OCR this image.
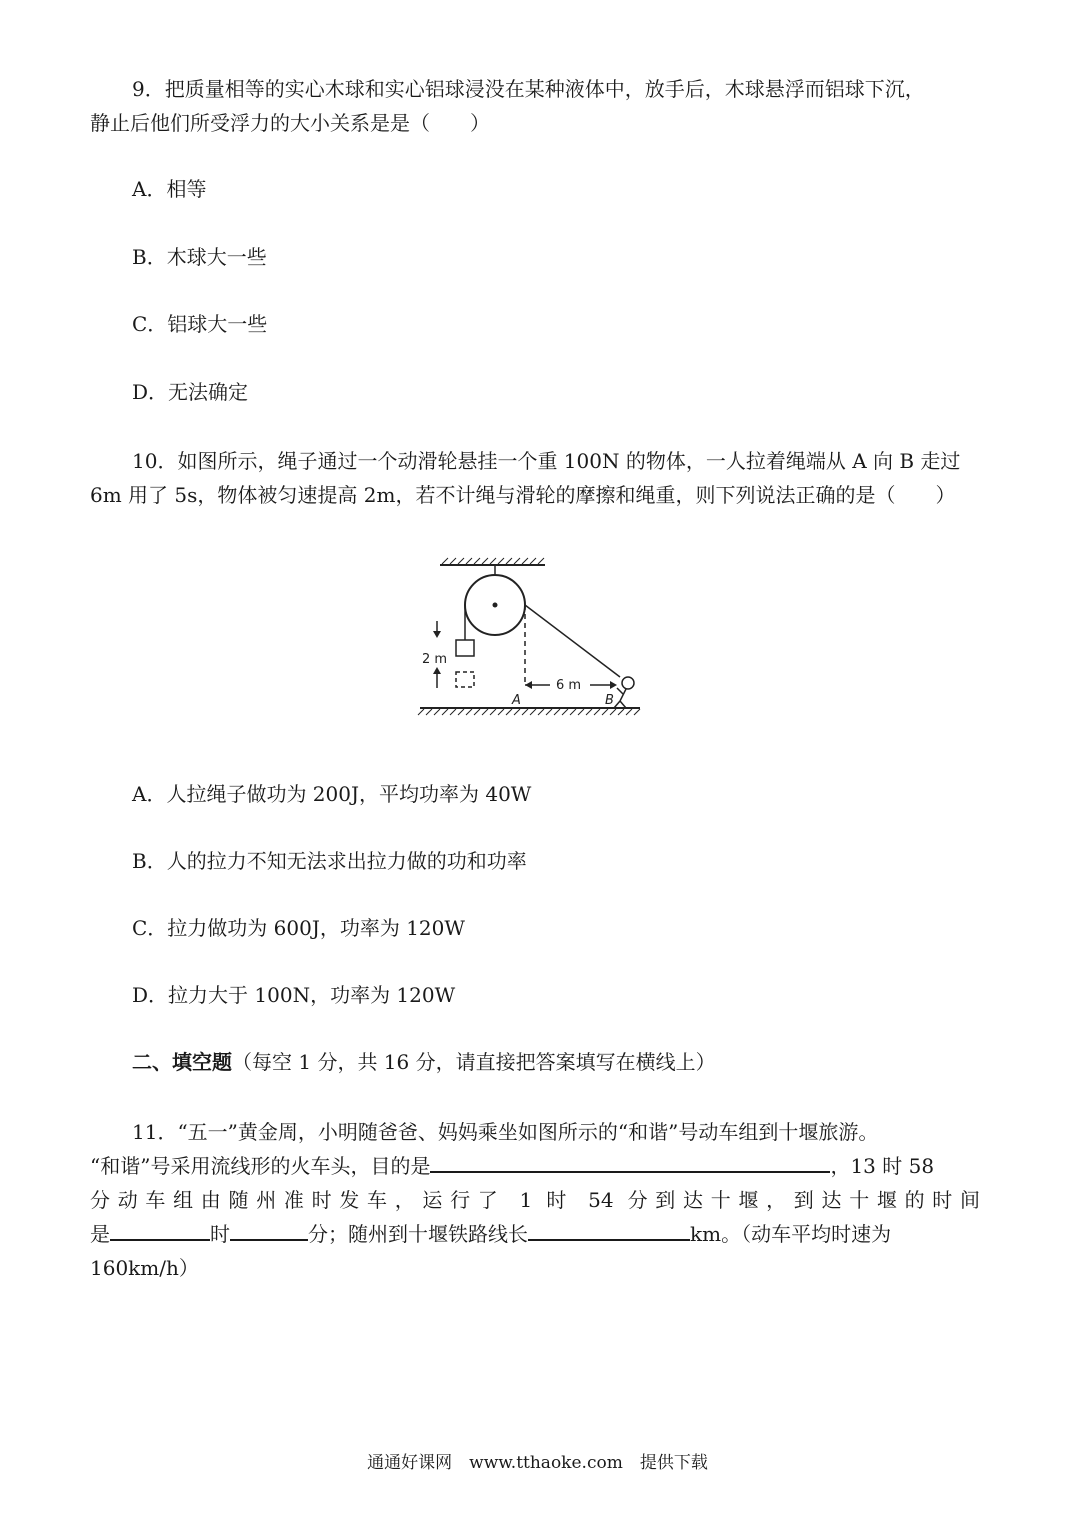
9．把质量相等的实心木球和实心铝球浸没在某种液体中，放手后，木球悬浮而铝球下沉，
静止后他们所受浮力的大小关系是是（　　）
A．相等
B．木球大一些
C．铝球大一些
D．无法确定
10．如图所示，绳子通过一个动滑轮悬挂一个重 100N 的物体，一人拉着绳端从 A 向 B 走过
6m 用了 5s，物体被匀速提高 2m，若不计绳与滑轮的摩擦和绳重，则下列说法正确的是（　　）
2 m
6 m
A	B
A．人拉绳子做功为 200J，平均功率为 40W
B．人的拉力不知无法求出拉力做的功和功率
C．拉力做功为 600J，功率为 120W
D．拉力大于 100N，功率为 120W
二、填空题（每空 1 分，共 16 分，请直接把答案填写在横线上）
11．“五一”黄金周，小明随爸爸、妈妈乘坐如图所示的“和谐”号动车组到十堰旅游。
“和谐”号采用流线形的火车头，目的是	，13 时 58
分动车组由随州准时发车，运行了 1 时 54 分到达十堰，到达十堰的时间
是	时	分；随州到十堰铁路线长	km。（动车平均时速为
160km/h）
通通好课网　www.tthaoke.com　提供下载
